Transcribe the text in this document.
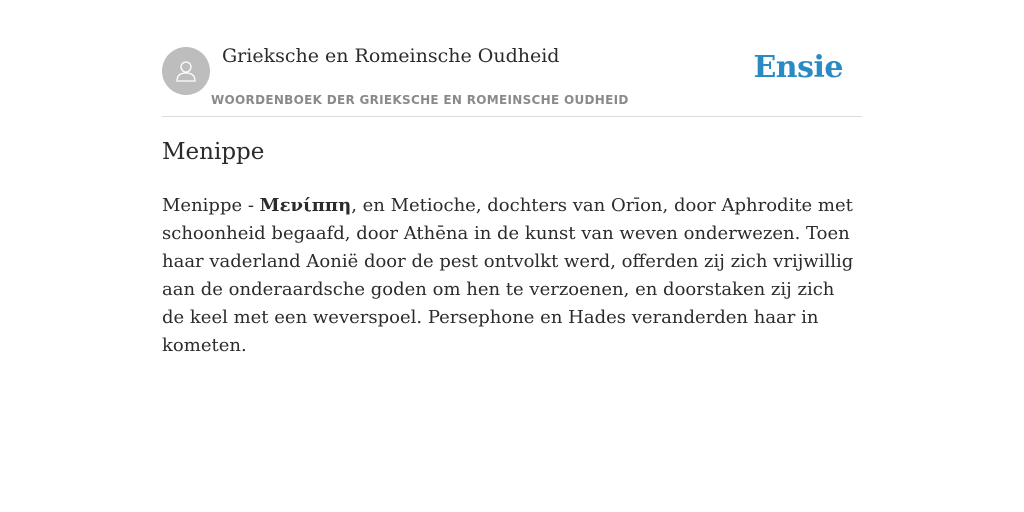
Grieksche en Romeinsche Oudheid
WOORDENBOEK DER GRIEKSCHE EN ROMEINSCHE OUDHEID
Ensie
Menippe

Menippe - Μενίππη, en Metioche, dochters van Orīon, door Aphrodite met schoonheid begaafd, door Athēna in de kunst van weven onderwezen. Toen haar vaderland Aonië door de pest ontvolkt werd, offerden zij zich vrijwillig aan de onderaardsche goden om hen te verzoenen, en doorstaken zij zich de keel met een weverspoel. Persephone en Hades veranderden haar in kometen.
